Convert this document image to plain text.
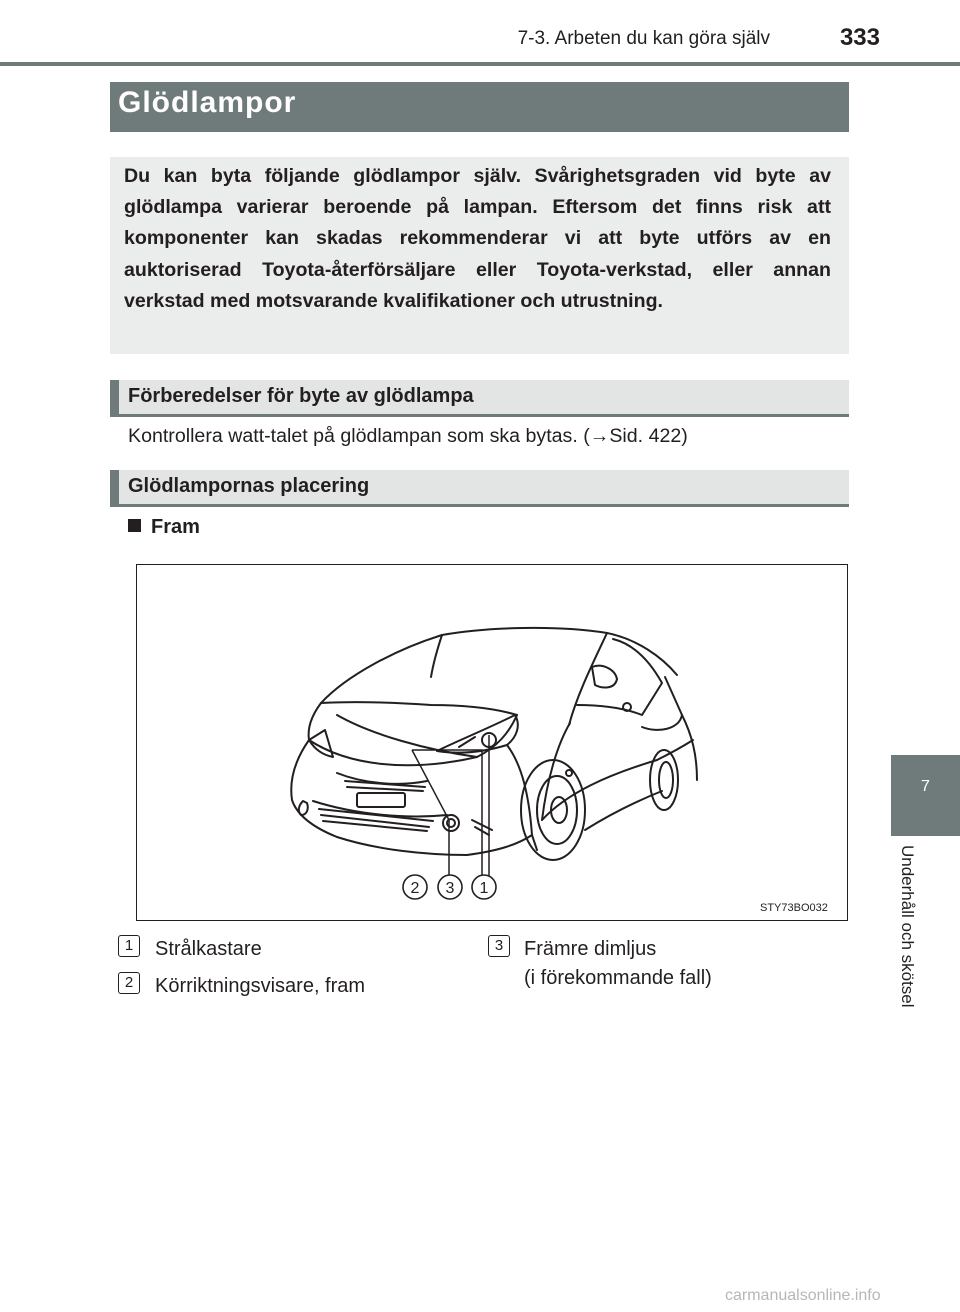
7-3. Arbeten du kan göra själv	333
Glödlampor
Du kan byta följande glödlampor själv. Svårighetsgraden vid byte av glödlampa varierar beroende på lampan. Eftersom det finns risk att komponenter kan skadas rekommenderar vi att byte utförs av en auktoriserad Toyota-återförsäljare eller Toyota-verkstad, eller annan verkstad med motsvarande kvalifikationer och utrustning.
Förberedelser för byte av glödlampa
Kontrollera watt-talet på glödlampan som ska bytas. (→Sid. 422)
Glödlampornas placering
Fram
2 3 1
STY73BO032
1	Strålkastare
2	Körriktningsvisare, fram
3	Främre dimljus
(i förekommande fall)
7
Underhåll och skötsel
carmanualsonline.info
